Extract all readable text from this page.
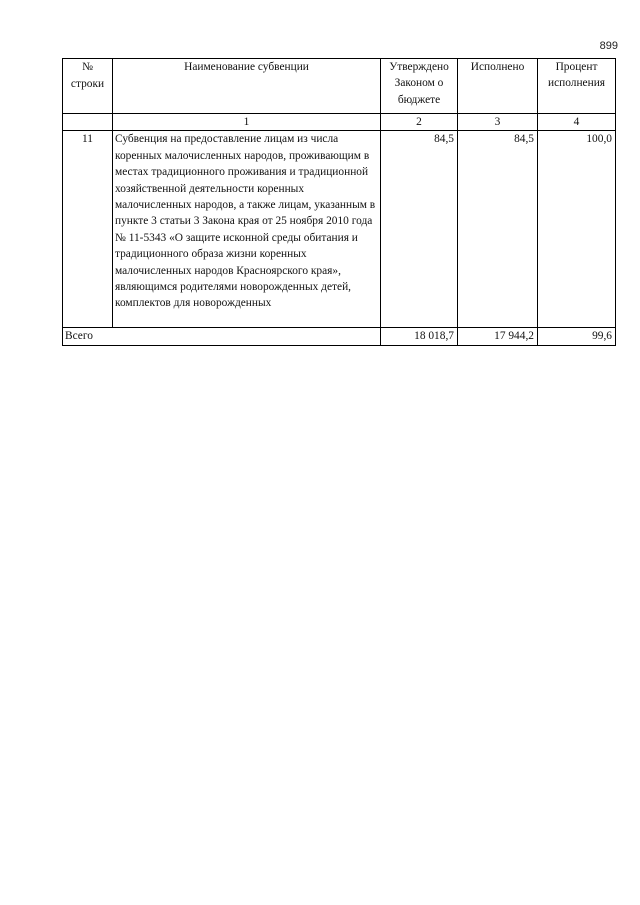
899
№ строки	Наименование субвенции	Утверждено Законом о бюджете	Исполнено	Процент исполнения
	1	2	3	4
11	Субвенция на предоставление лицам из числа коренных малочисленных народов, проживающим в местах традиционного проживания и традиционной хозяйственной деятельности коренных малочисленных народов, а также лицам, указанным в пункте 3 статьи 3 Закона края от 25 ноября 2010 года № 11-5343 «О защите исконной среды обитания и традиционного образа жизни коренных малочисленных народов Красноярского края», являющимся родителями новорожденных детей, комплектов для новорожденных	84,5	84,5	100,0
Всего		18 018,7	17 944,2	99,6
